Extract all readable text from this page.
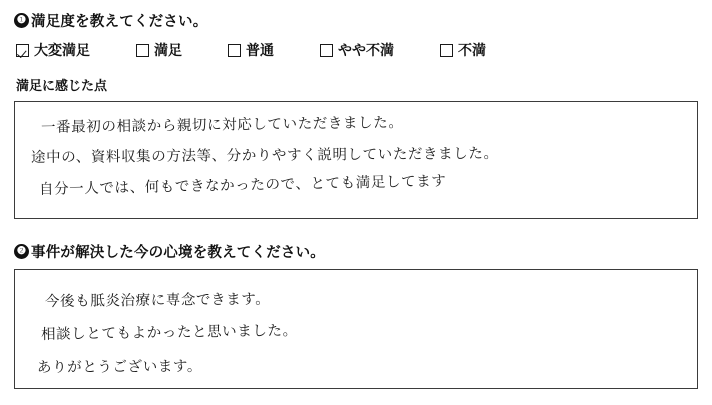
❶ 満足度を教えてください。
大変満足	満足	普通	やや不満	不満
満足に感じた点
一番最初の相談から親切に対応していただきました。
途中の、資料収集の方法等、分かりやすく説明していただきました。
自分一人では、何もできなかったので、とても満足してます
❷ 事件が解決した今の心境を教えてください。
今後も胝炎治療に専念できます。
相談しとてもよかったと思いました。
ありがとうございます。
